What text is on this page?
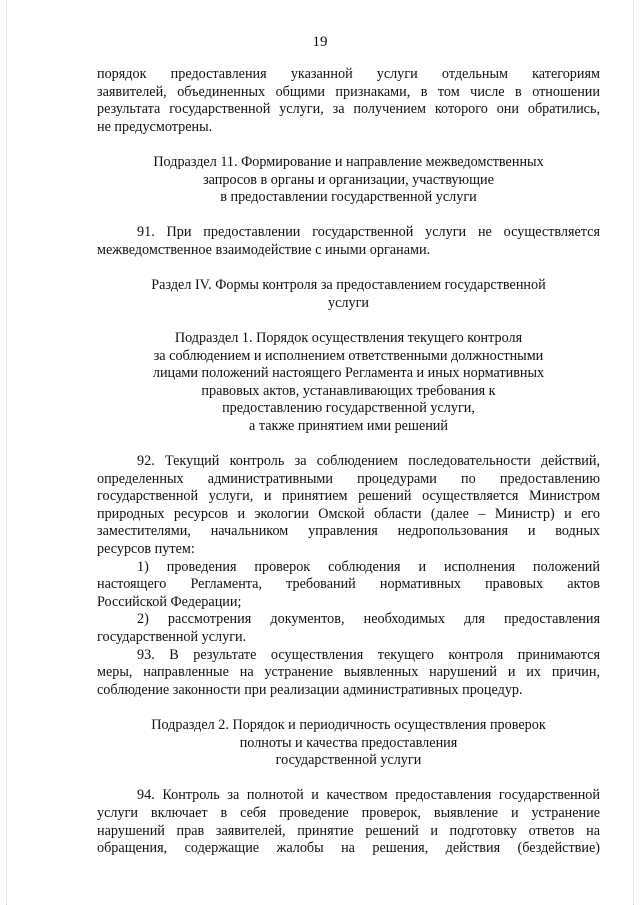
19

порядок предоставления указанной услуги отдельным категориям

заявителей, объединенных общими признаками, в том числе в отношении

результата государственной услуги, за получением которого они обратились,

не предусмотрены.

Подраздел 11. Формирование и направление межведомственных

запросов в органы и организации, участвующие

в предоставлении государственной услуги

91. При предоставлении государственной услуги не осуществляется

межведомственное взаимодействие с иными органами.

Раздел IV. Формы контроля за предоставлением государственной

услуги

Подраздел 1. Порядок осуществления текущего контроля

за соблюдением и исполнением ответственными должностными

лицами положений настоящего Регламента и иных нормативных

правовых актов, устанавливающих требования к

предоставлению государственной услуги,

а также принятием ими решений

92. Текущий контроль за соблюдением последовательности действий,

определенных административными процедурами по предоставлению

государственной услуги, и принятием решений осуществляется Министром

природных ресурсов и экологии Омской области (далее – Министр) и его

заместителями, начальником управления недропользования и водных

ресурсов путем:

1) проведения проверок соблюдения и исполнения положений

настоящего Регламента, требований нормативных правовых актов

Российской Федерации;

2) рассмотрения документов, необходимых для предоставления

государственной услуги.

93. В результате осуществления текущего контроля принимаются

меры, направленные на устранение выявленных нарушений и их причин,

соблюдение законности при реализации административных процедур.

Подраздел 2. Порядок и периодичность осуществления проверок

полноты и качества предоставления

государственной услуги

94. Контроль за полнотой и качеством предоставления государственной

услуги включает в себя проведение проверок, выявление и устранение

нарушений прав заявителей, принятие решений и подготовку ответов на

обращения, содержащие жалобы на решения, действия (бездействие)
